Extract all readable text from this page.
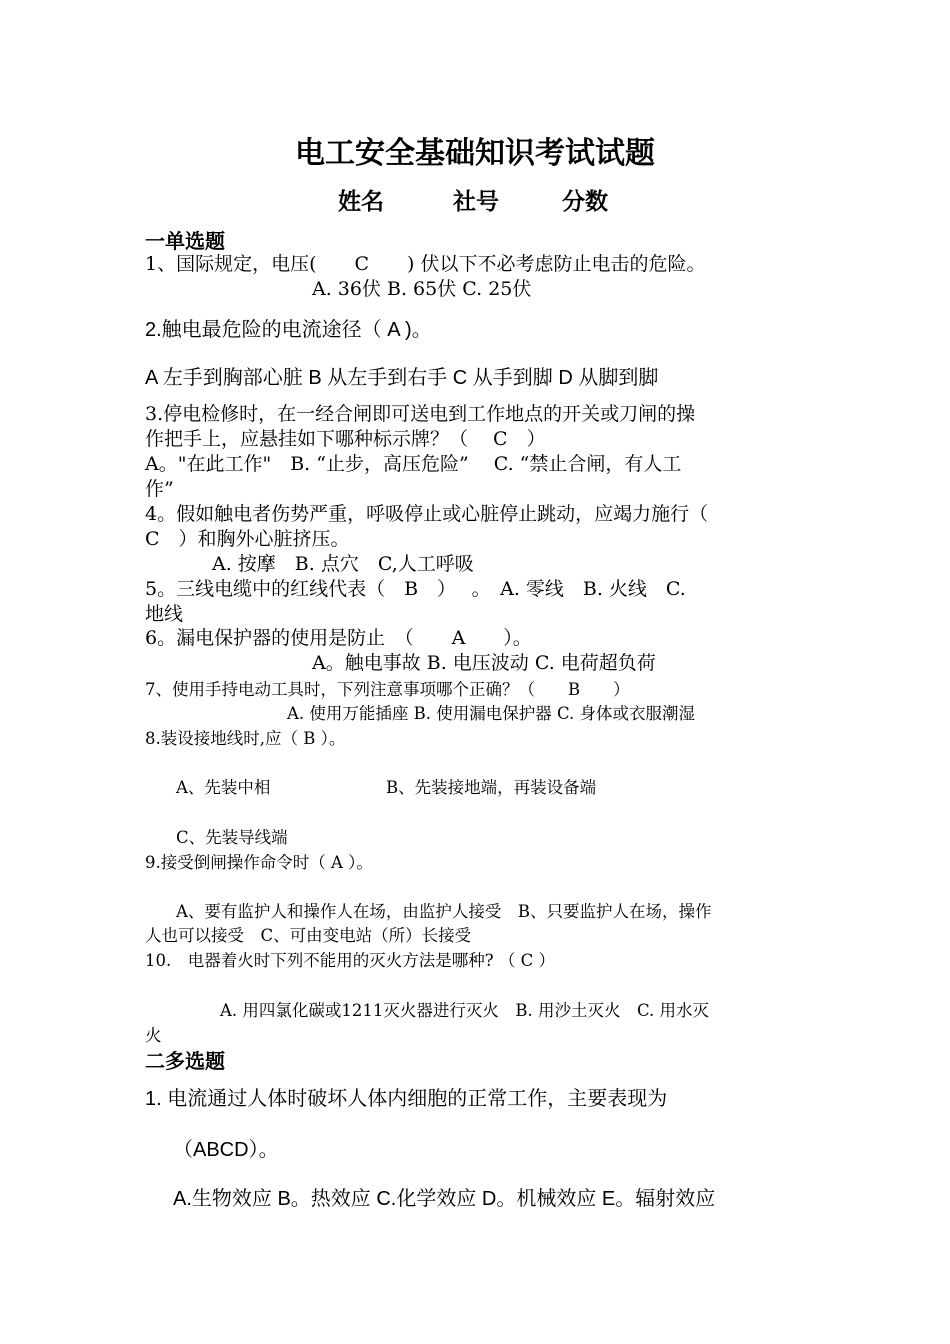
电工安全基础知识考试试题
姓名	社号	分数
一单选题
1、国际规定，电压(　　C　　) 伏以下不必考虑防止电击的危险。
A. 36伏 B. 65伏 C. 25伏
2.触电最危险的电流途径（ A )。
A 左手到胸部心脏 B 从左手到右手 C 从手到脚 D 从脚到脚
3.停电检修时，在一经合闸即可送电到工作地点的开关或刀闸的操
作把手上，应悬挂如下哪种标示牌？（　 C　）
A。"在此工作"　B. “止步，高压危险”　 C. “禁止合闸，有人工
作”
4。假如触电者伤势严重，呼吸停止或心脏停止跳动，应竭力施行（
C　）和胸外心脏挤压。
A. 按摩　B. 点穴　C,人工呼吸
5。三线电缆中的红线代表（　B　）　 。　A. 零线　B. 火线　C.
地线
6。漏电保护器的使用是防止　（　　A　　）。
A。触电事故 B. 电压波动 C. 电荷超负荷
7、使用手持电动工具时，下列注意事项哪个正确？（　　B　　）
A. 使用万能插座 B. 使用漏电保护器 C. 身体或衣服潮湿
8.装设接地线时,应（ B ）。
A、先装中相	B、先装接地端，再装设备端
C、先装导线端
9.接受倒闸操作命令时（ A ）。
A、要有监护人和操作人在场，由监护人接受　B、只要监护人在场，操作
人也可以接受　C、可由变电站（所）长接受
10.　电器着火时下列不能用的灭火方法是哪种? （ C ）
A. 用四氯化碳或1211灭火器进行灭火　B. 用沙土灭火　C. 用水灭
火
二多选题
1. 电流通过人体时破坏人体内细胞的正常工作，主要表现为
（ABCD）。
A.生物效应 B。热效应 C.化学效应 D。机械效应 E。辐射效应
